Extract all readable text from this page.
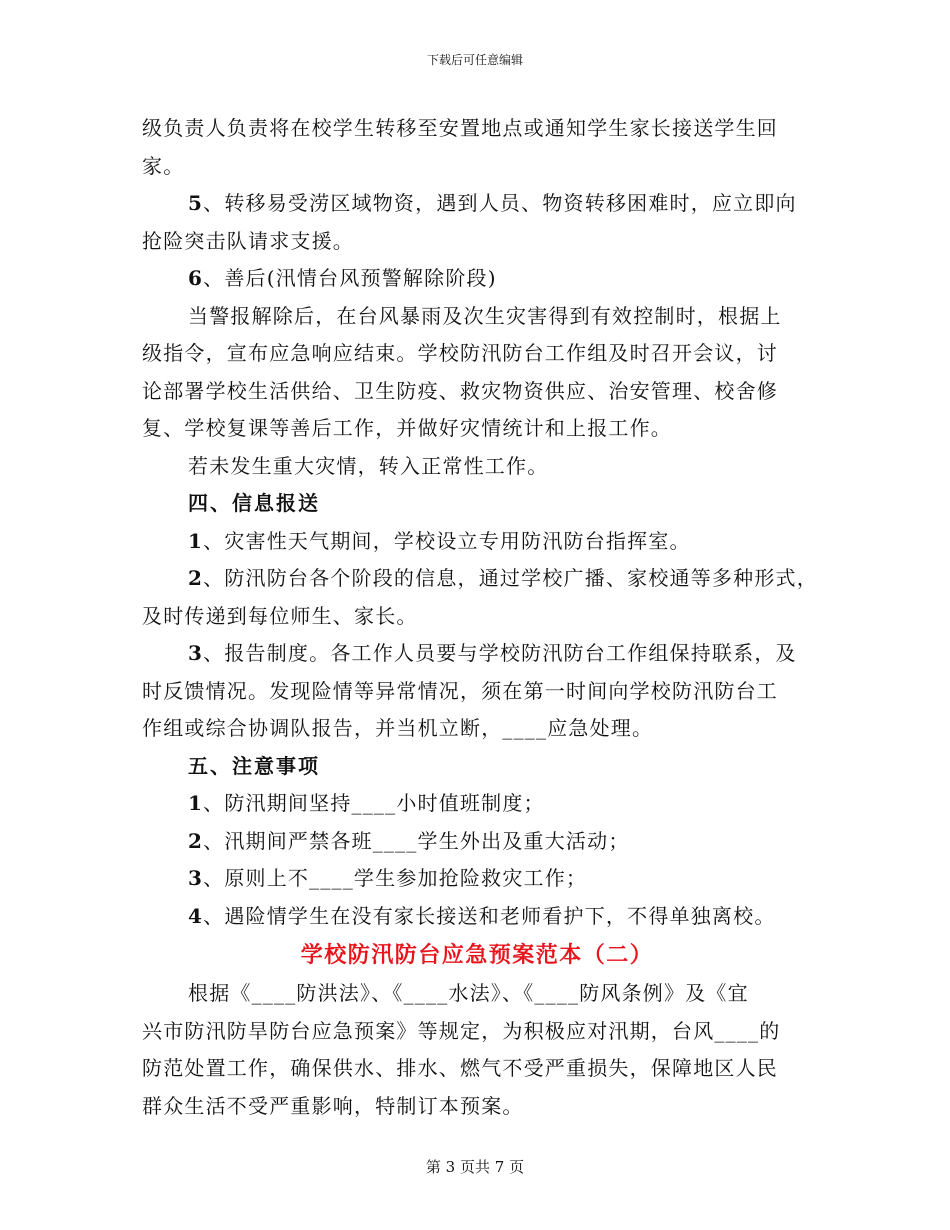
下载后可任意编辑

级负责人负责将在校学生转移至安置地点或通知学生家长接送学生回

家。

5、转移易受涝区域物资，遇到人员、物资转移困难时，应立即向

抢险突击队请求支援。

6、善后(汛情台风预警解除阶段)

当警报解除后，在台风暴雨及次生灾害得到有效控制时，根据上

级指令，宣布应急响应结束。学校防汛防台工作组及时召开会议，讨

论部署学校生活供给、卫生防疫、救灾物资供应、治安管理、校舍修

复、学校复课等善后工作，并做好灾情统计和上报工作。

若未发生重大灾情，转入正常性工作。

四、信息报送

1、灾害性天气期间，学校设立专用防汛防台指挥室。

2、防汛防台各个阶段的信息，通过学校广播、家校通等多种形式，

及时传递到每位师生、家长。

3、报告制度。各工作人员要与学校防汛防台工作组保持联系，及

时反馈情况。发现险情等异常情况，须在第一时间向学校防汛防台工

作组或综合协调队报告，并当机立断，____应急处理。

五、注意事项

1、防汛期间坚持____小时值班制度；

2、汛期间严禁各班____学生外出及重大活动；

3、原则上不____学生参加抢险救灾工作；

4、遇险情学生在没有家长接送和老师看护下，不得单独离校。

学校防汛防台应急预案范本（二）

根据《____防洪法》、《____水法》、《____防风条例》及《宜

兴市防汛防旱防台应急预案》等规定，为积极应对汛期，台风____的

防范处置工作，确保供水、排水、燃气不受严重损失，保障地区人民

群众生活不受严重影响，特制订本预案。

第 3 页共 7 页
